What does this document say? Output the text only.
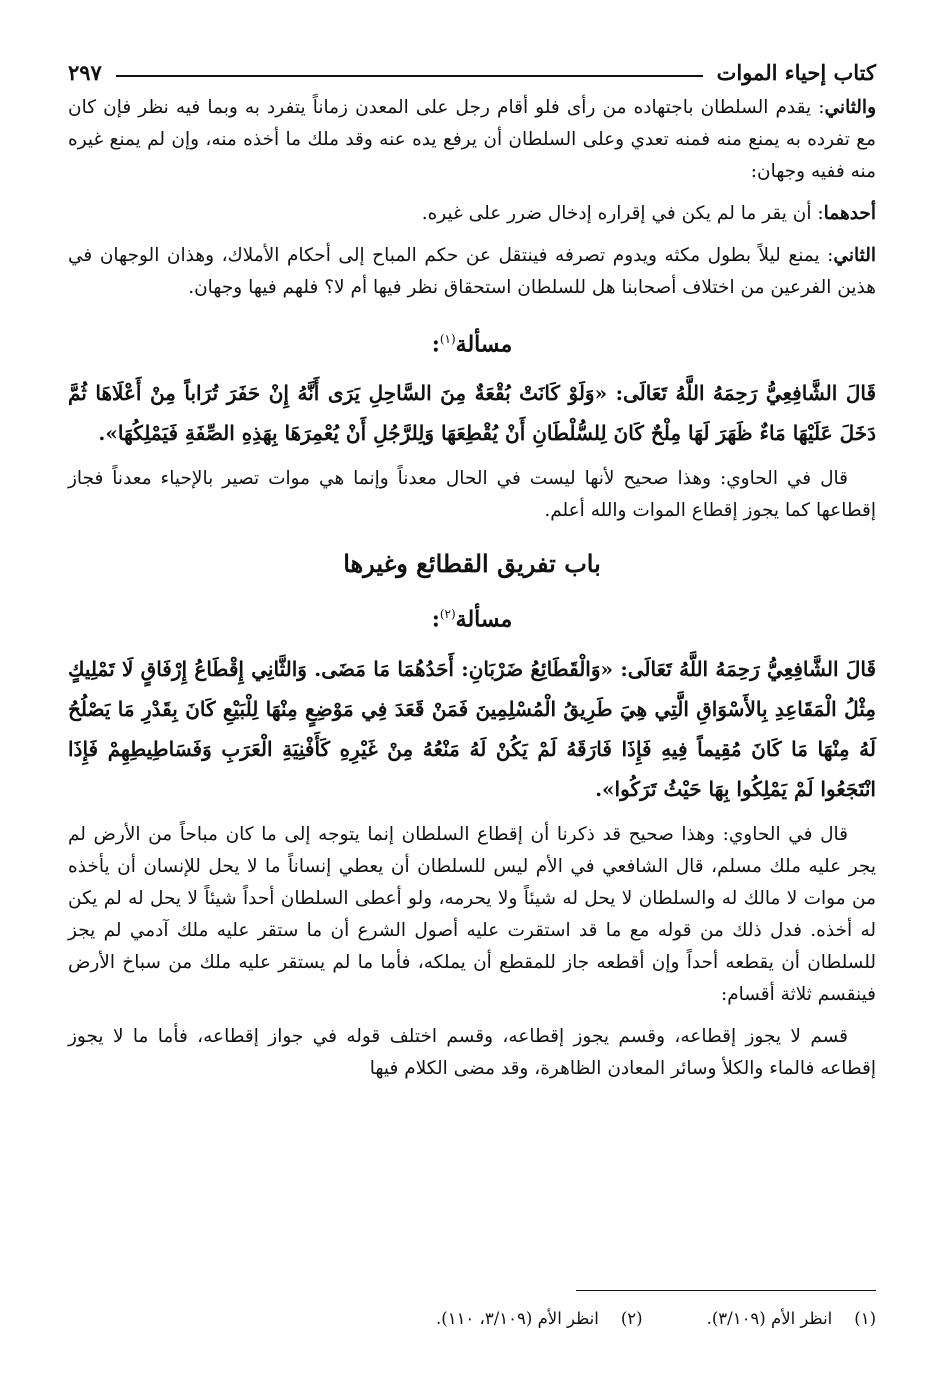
كتاب إحياء الموات
٢٩٧

والثاني: يقدم السلطان باجتهاده من رأى فلو أقام رجل على المعدن زماناً يتفرد به وبما فيه نظر فإن كان مع تفرده به يمنع منه فمنه تعدي وعلى السلطان أن يرفع يده عنه وقد ملك ما أخذه منه، وإن لم يمنع غيره منه ففيه وجهان:

أحدهما: أن يقر ما لم يكن في إقراره إدخال ضرر على غيره.

الثاني: يمنع ليلاً بطول مكثه ويدوم تصرفه فينتقل عن حكم المباح إلى أحكام الأملاك، وهذان الوجهان في هذين الفرعين من اختلاف أصحابنا هل للسلطان استحقاق نظر فيها أم لا؟ فلهم فيها وجهان.

مسألة$^{(١)}$:

قَالَ الشَّافِعِيُّ رَحِمَهُ اللَّهُ تَعَالَى: «وَلَوْ كَانَتْ بُقْعَةٌ مِنَ السَّاحِلِ يَرَى أَنَّهُ إِنْ حَفَرَ تُرَاباً مِنْ أَعْلَاهَا ثُمَّ دَخَلَ عَلَيْهَا مَاءٌ ظَهَرَ لَهَا مِلْحٌ كَانَ لِلسُّلْطَانِ أَنْ يُقْطِعَهَا وَلِلرَّجُلِ أَنْ يُعْمِرَهَا بِهَذِهِ الصِّفَةِ فَيَمْلِكُهَا».

قال في الحاوي: وهذا صحيح لأنها ليست في الحال معدناً وإنما هي موات تصير بالإحياء معدناً فجاز إقطاعها كما يجوز إقطاع الموات والله أعلم.

باب تفريق القطائع وغيرها
مسألة$^{(٢)}$:

قَالَ الشَّافِعِيُّ رَحِمَهُ اللَّهُ تَعَالَى: «وَالْقَطَائِعُ ضَرْبَانِ: أَحَدُهُمَا مَا مَضَى. وَالثَّانِي إِقْطَاعُ إِرْفَاقٍ لَا تَمْلِيكٍ مِثْلُ الْمَقَاعِدِ بِالأَسْوَاقِ الَّتِي هِيَ طَرِيقُ الْمُسْلِمِينَ فَمَنْ قَعَدَ فِي مَوْضِعٍ مِنْهَا لِلْبَيْعِ كَانَ بِقَدْرِ مَا يَصْلُحُ لَهُ مِنْهَا مَا كَانَ مُقِيماً فِيهِ فَإِذَا فَارَقَهُ لَمْ يَكُنْ لَهُ مَنْعُهُ مِنْ غَيْرِهِ كَأَفْنِيَةِ الْعَرَبِ وَفَسَاطِيطِهِمْ فَإِذَا انْتَجَعُوا لَمْ يَمْلِكُوا بِهَا حَيْثُ تَرَكُوا».

قال في الحاوي: وهذا صحيح قد ذكرنا أن إقطاع السلطان إنما يتوجه إلى ما كان مباحاً من الأرض لم يجر عليه ملك مسلم، قال الشافعي في الأم ليس للسلطان أن يعطي إنساناً ما لا يحل للإنسان أن يأخذه من موات لا مالك له والسلطان لا يحل له شيئاً ولا يحرمه، ولو أعطى السلطان أحداً شيئاً لا يحل له لم يكن له أخذه. فدل ذلك من قوله مع ما قد استقرت عليه أصول الشرع أن ما ستقر عليه ملك آدمي لم يجز للسلطان أن يقطعه أحداً وإن أقطعه جاز للمقطع أن يملكه، فأما ما لم يستقر عليه ملك من سباخ الأرض فينقسم ثلاثة أقسام:

قسم لا يجوز إقطاعه، وقسم يجوز إقطاعه، وقسم اختلف قوله في جواز إقطاعه، فأما ما لا يجوز إقطاعه فالماء والكلأ وسائر المعادن الظاهرة، وقد مضى الكلام فيها

(١)
انظر الأم (٣/١٠٩).
(٢)
انظر الأم (٣/١٠٩، ١١٠).
